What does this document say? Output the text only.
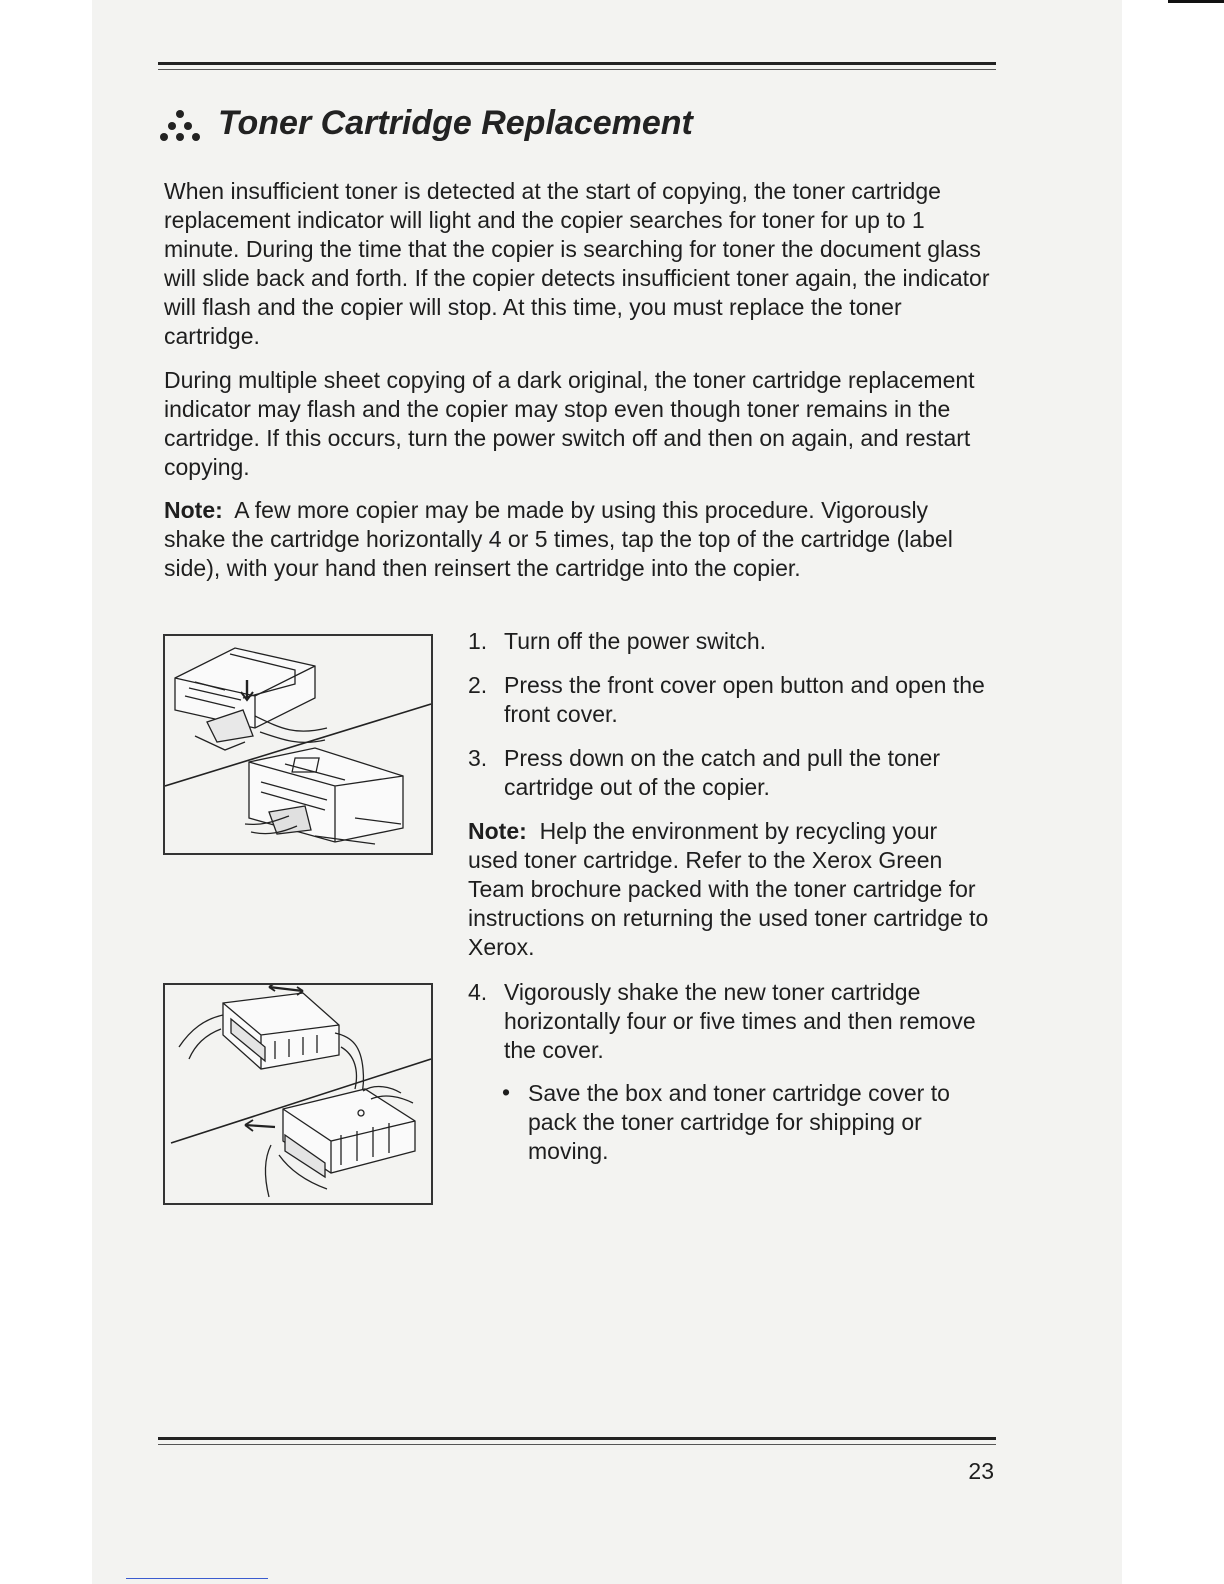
Toner Cartridge Replacement

When insufficient toner is detected at the start of copying, the toner cartridge replacement indicator will light and the copier searches for toner for up to 1 minute. During the time that the copier is searching for toner the document glass will slide back and forth. If the copier detects insufficient toner again, the indicator will flash and the copier will stop. At this time, you must replace the toner cartridge.

During multiple sheet copying of a dark original, the toner cartridge replacement indicator may flash and the copier may stop even though toner remains in the cartridge. If this occurs, turn the power switch off and then on again, and restart copying.

Note: A few more copier may be made by using this procedure. Vigorously shake the cartridge horizontally 4 or 5 times, tap the top of the cartridge (label side), with your hand then reinsert the cartridge into the copier.

1. Turn off the power switch.
2. Press the front cover open button and open the front cover.
3. Press down on the catch and pull the toner cartridge out of the copier.

Note: Help the environment by recycling your used toner cartridge. Refer to the Xerox Green Team brochure packed with the toner cartridge for instructions on returning the used toner cartridge to Xerox.

4. Vigorously shake the new toner cartridge horizontally four or five times and then remove the cover.
• Save the box and toner cartridge cover to pack the toner cartridge for shipping or moving.
23
